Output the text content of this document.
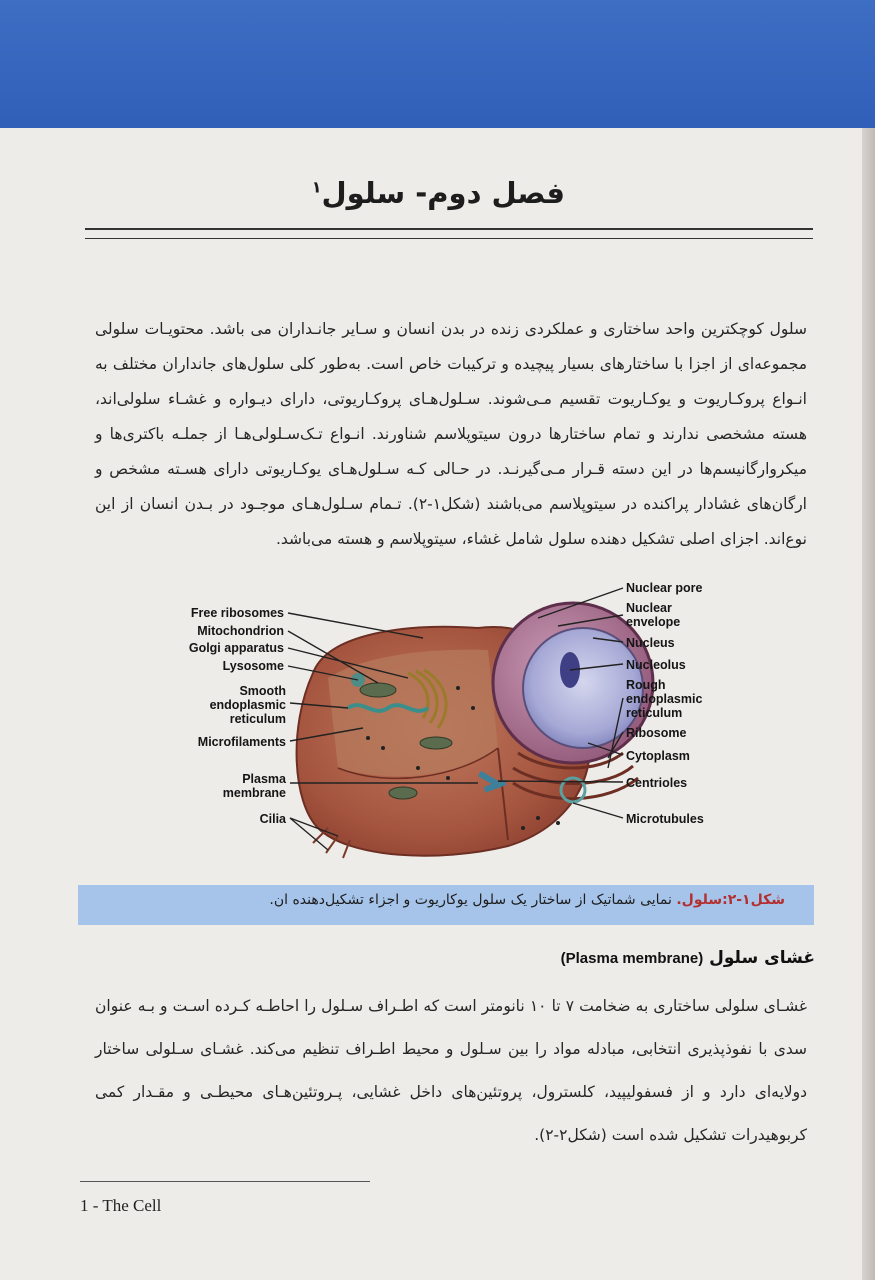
فصل دوم- سلول$^۱$
سلول کوچکترین واحد ساختاری و عملکردی زنده در بدن انسان و سـایر جانـداران می باشد. محتویـات سلولی مجموعه‌ای از اجزا با ساختارهای بسیار پیچیده و ترکیبات خاص است. به‌طور کلی سلول‌های جانداران مختلف به انـواع پروکـاریوت و یوکـاریوت تقسیم مـی‌شوند. سـلول‌هـای پروکـاریوتی، دارای دیـواره و غشـاء سلولی‌اند، هسته مشخصی ندارند و تمام ساختارها درون سیتوپلاسم شناورند. انـواع تـک‌سـلولی‌هـا از جملـه باکتری‌ها و میکروارگانیسم‌ها در این دسته قـرار مـی‌گیرنـد. در حـالی کـه سـلول‌هـای یوکـاریوتی دارای هسـته مشخص و ارگان‌های غشادار پراکنده در سیتوپلاسم می‌باشند (شکل۱-۲). تـمام سـلول‌هـای موجـود در بـدن انسان از این نوع‌اند. اجزای اصلی تشکیل دهنده سلول شامل غشاء، سیتوپلاسم و هسته می‌باشد.
Free ribosomes
Mitochondrion
Golgi apparatus
Lysosome
Smooth
endoplasmic
reticulum
Microfilaments
Plasma
membrane
Cilia
Nuclear pore
Nuclear
envelope
Nucleus
Nucleolus
Rough
endoplasmic
reticulum
Ribosome
Cytoplasm
Centrioles
Microtubules
شکل۱-۲:سلول. نمایی شماتیک از ساختار یک سلول یوکاریوت و اجزاء تشکیل‌دهنده ‌ان.
غشای سلول (Plasma membrane)
غشـای سلولی ساختاری به ضخامت ۷ تا ۱۰ نانومتر است که اطـراف سـلول را احاطـه کـرده اسـت و بـه عنوان سدی با نفوذپذیری انتخابی، مبادله مواد را بین سـلول و محیط اطـراف تنظیم می‌کند. غشـای سـلولی ساختار دولایه‌ای دارد و از فسفولیپید، کلسترول، پروتئین‌های داخل غشایی، پـروتئین‌هـای محیطـی و مقـدار کمی کربوهیدرات تشکیل شده است (شکل۲-۲).
1 - The Cell
